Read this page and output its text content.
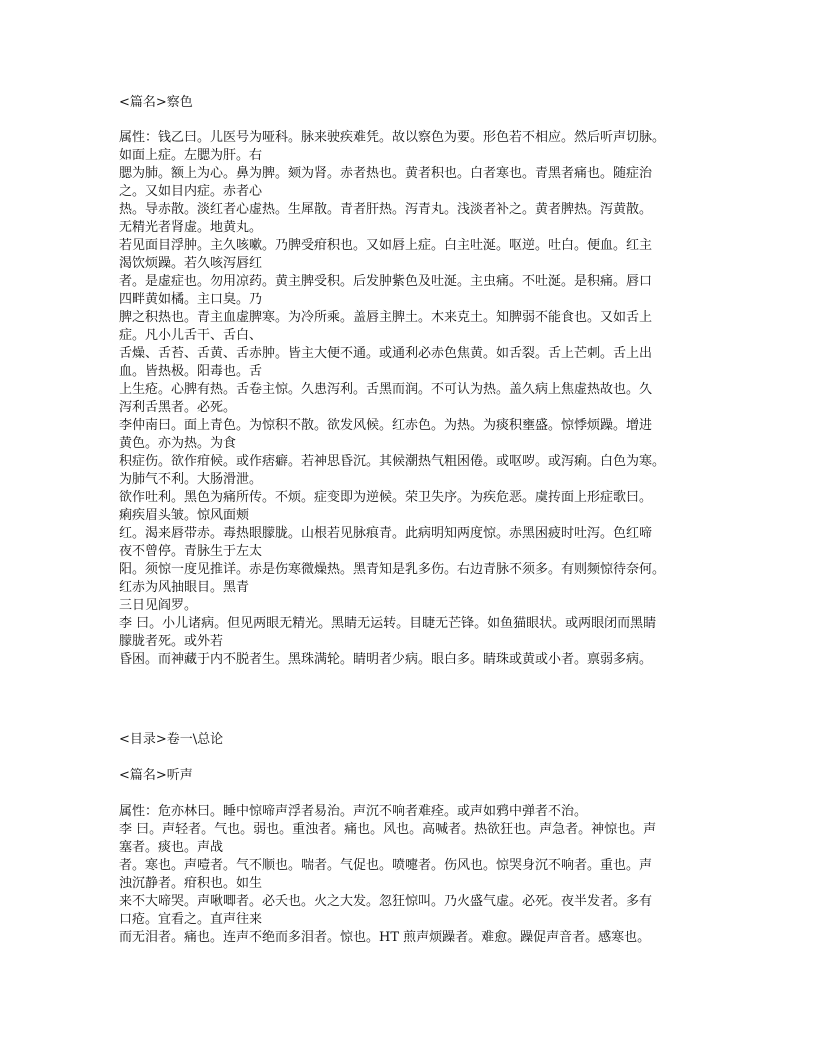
<篇名>察色
属性：钱乙曰。儿医号为哑科。脉来驶疾难凭。故以察色为要。形色若不相应。然后听声切脉。
如面上症。左腮为肝。右
腮为肺。额上为心。鼻为脾。颏为肾。赤者热也。黄者积也。白者寒也。青黑者痛也。随症治
之。又如目内症。赤者心
热。导赤散。淡红者心虚热。生犀散。青者肝热。泻青丸。浅淡者补之。黄者脾热。泻黄散。
无精光者肾虚。地黄丸。
若见面目浮肿。主久咳嗽。乃脾受疳积也。又如唇上症。白主吐涎。呕逆。吐白。便血。红主
渴饮烦躁。若久咳泻唇红
者。是虚症也。勿用凉药。黄主脾受积。后发肿紫色及吐涎。主虫痛。不吐涎。是积痛。唇口
四畔黄如橘。主口臭。乃
脾之积热也。青主血虚脾寒。为冷所乘。盖唇主脾土。木来克土。知脾弱不能食也。又如舌上
症。凡小儿舌干、舌白、
舌燥、舌苔、舌黄、舌赤肿。皆主大便不通。或通利必赤色焦黄。如舌裂。舌上芒刺。舌上出
血。皆热极。阳毒也。舌
上生疮。心脾有热。舌卷主惊。久患泻利。舌黑而润。不可认为热。盖久病上焦虚热故也。久
泻利舌黑者。必死。
李仲南曰。面上青色。为惊积不散。欲发风候。红赤色。为热。为痰积壅盛。惊悸烦躁。增进
黄色。亦为热。为食
积症伤。欲作疳候。或作痞癖。若神思昏沉。其候潮热气粗困倦。或呕哕。或泻痢。白色为寒。
为肺气不利。大肠滑泄。
欲作吐利。黑色为痛所传。不烦。症变即为逆候。荣卫失序。为疾危恶。虞抟面上形症歌曰。
痢疾眉头皱。惊风面颊
红。渴来唇带赤。毒热眼朦胧。山根若见脉痕青。此病明知两度惊。赤黑困疲时吐泻。色红啼
夜不曾停。青脉生于左太
阳。须惊一度见推详。赤是伤寒微燥热。黑青知是乳多伤。右边青脉不须多。有则频惊待奈何。
红赤为风抽眼目。黑青
三日见阎罗。
李 曰。小儿诸病。但见两眼无精光。黑睛无运转。目睫无芒锋。如鱼猫眼状。或两眼闭而黑睛
朦胧者死。或外若
昏困。而神藏于内不脱者生。黑珠满轮。睛明者少病。眼白多。睛珠或黄或小者。禀弱多病。
<目录>卷一\总论
<篇名>听声
属性：危亦林曰。睡中惊啼声浮者易治。声沉不响者难痊。或声如鸦中弹者不治。
李 曰。声轻者。气也。弱也。重浊者。痛也。风也。高喊者。热欲狂也。声急者。神惊也。声
塞者。痰也。声战
者。寒也。声噎者。气不顺也。喘者。气促也。喷嚏者。伤风也。惊哭身沉不响者。重也。声
浊沉静者。疳积也。如生
来不大啼哭。声啾唧者。必夭也。火之大发。忽狂惊叫。乃火盛气虚。必死。夜半发者。多有
口疮。宜看之。直声往来
而无泪者。痛也。连声不绝而多泪者。惊也。HT 煎声烦躁者。难愈。躁促声音者。感寒也。
